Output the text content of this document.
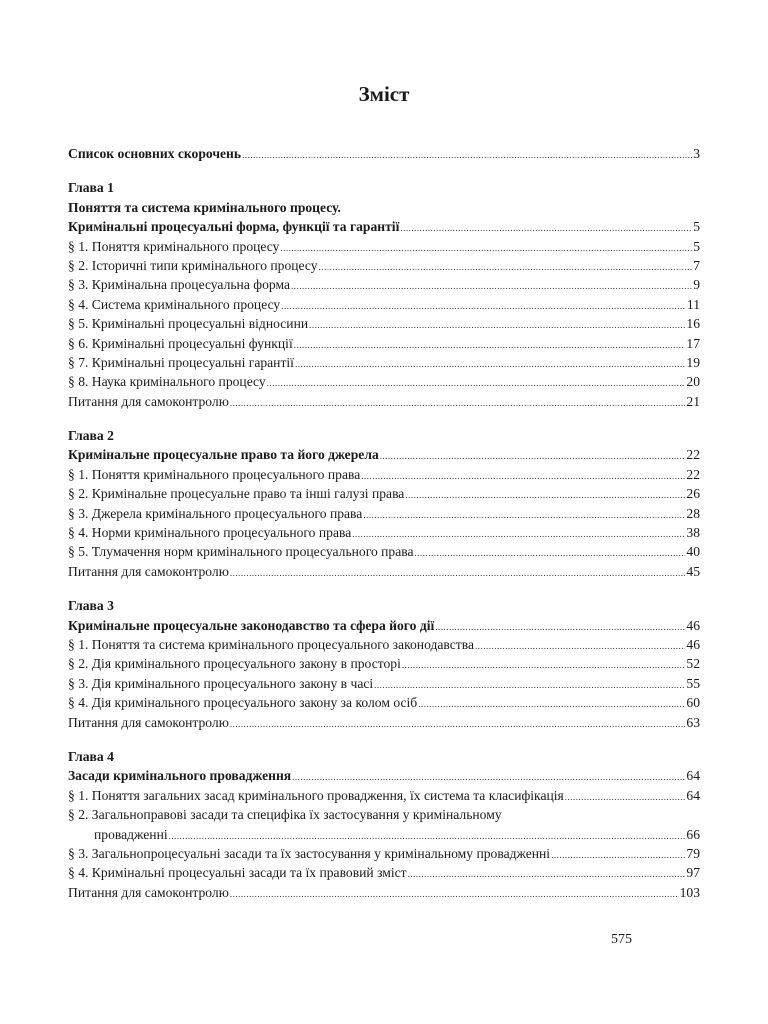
Зміст
Список основних скорочень .....	3
Глава 1
Поняття та система кримінального процесу.
Кримінальні процесуальні форма, функції та гарантії .....	5
§ 1. Поняття кримінального процесу .....	5
§ 2. Історичні типи кримінального процесу .....	7
§ 3. Кримінальна процесуальна форма .....	9
§ 4. Система кримінального процесу .....	11
§ 5. Кримінальні процесуальні відносини .....	16
§ 6. Кримінальні процесуальні функції .....	17
§ 7. Кримінальні процесуальні гарантії .....	19
§ 8. Наука кримінального процесу .....	20
Питання для самоконтролю .....	21
Глава 2
Кримінальне процесуальне право та його джерела .....	22
§ 1. Поняття кримінального процесуального права .....	22
§ 2. Кримінальне процесуальне право та інші галузі права .....	26
§ 3. Джерела кримінального процесуального права .....	28
§ 4. Норми кримінального процесуального права .....	38
§ 5. Тлумачення норм кримінального процесуального права .....	40
Питання для самоконтролю .....	45
Глава 3
Кримінальне процесуальне законодавство та сфера його дії .....	46
§ 1. Поняття та система кримінального процесуального законодавства .....	46
§ 2. Дія кримінального процесуального закону в просторі .....	52
§ 3. Дія кримінального процесуального закону в часі .....	55
§ 4. Дія кримінального процесуального закону за колом осіб .....	60
Питання для самоконтролю .....	63
Глава 4
Засади кримінального провадження .....	64
§ 1. Поняття загальних засад кримінального провадження, їх система та класифікація .....	64
§ 2. Загальноправові засади та специфіка їх застосування у кримінальному
провадженні .....	66
§ 3. Загальнопроцесуальні засади та їх застосування у кримінальному провадженні .....	79
§ 4. Кримінальні процесуальні засади та їх правовий зміст .....	97
Питання для самоконтролю .....	103
575
